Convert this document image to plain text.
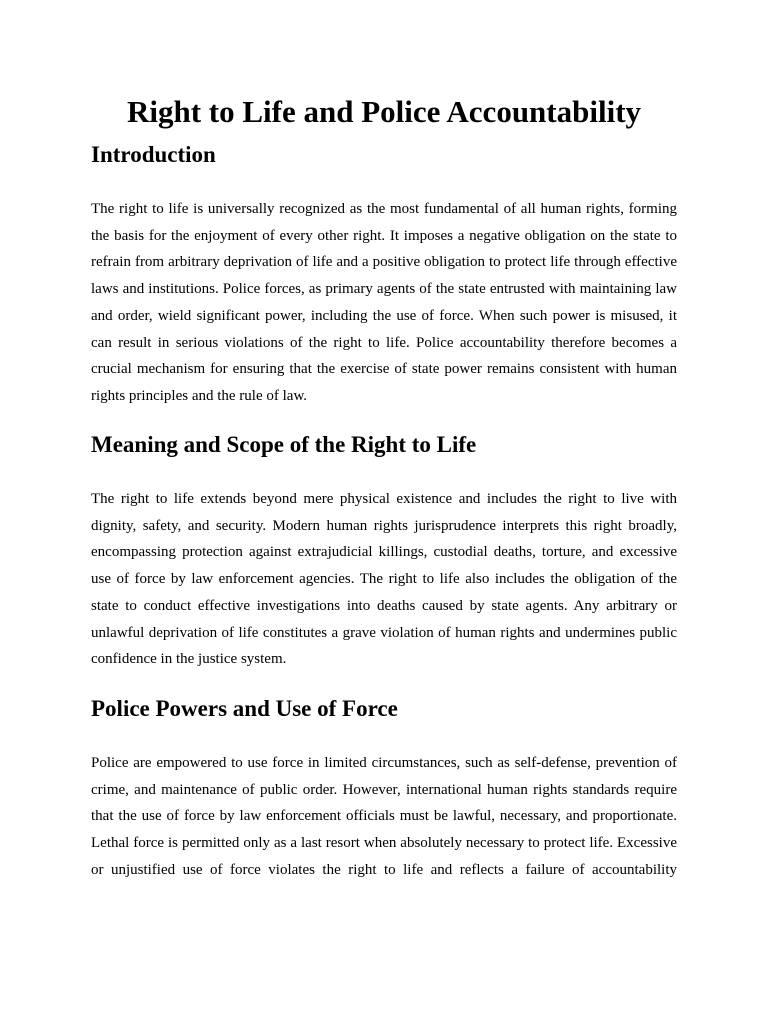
Right to Life and Police Accountability
Introduction
The right to life is universally recognized as the most fundamental of all human rights, forming
the basis for the enjoyment of every other right. It imposes a negative obligation on the state to
refrain from arbitrary deprivation of life and a positive obligation to protect life through effective
laws and institutions. Police forces, as primary agents of the state entrusted with maintaining law
and order, wield significant power, including the use of force. When such power is misused, it
can result in serious violations of the right to life. Police accountability therefore becomes a
crucial mechanism for ensuring that the exercise of state power remains consistent with human
rights principles and the rule of law.
Meaning and Scope of the Right to Life
The right to life extends beyond mere physical existence and includes the right to live with
dignity, safety, and security. Modern human rights jurisprudence interprets this right broadly,
encompassing protection against extrajudicial killings, custodial deaths, torture, and excessive
use of force by law enforcement agencies. The right to life also includes the obligation of the
state to conduct effective investigations into deaths caused by state agents. Any arbitrary or
unlawful deprivation of life constitutes a grave violation of human rights and undermines public
confidence in the justice system.
Police Powers and Use of Force
Police are empowered to use force in limited circumstances, such as self-defense, prevention of
crime, and maintenance of public order. However, international human rights standards require
that the use of force by law enforcement officials must be lawful, necessary, and proportionate.
Lethal force is permitted only as a last resort when absolutely necessary to protect life. Excessive
or unjustified use of force violates the right to life and reflects a failure of accountability
